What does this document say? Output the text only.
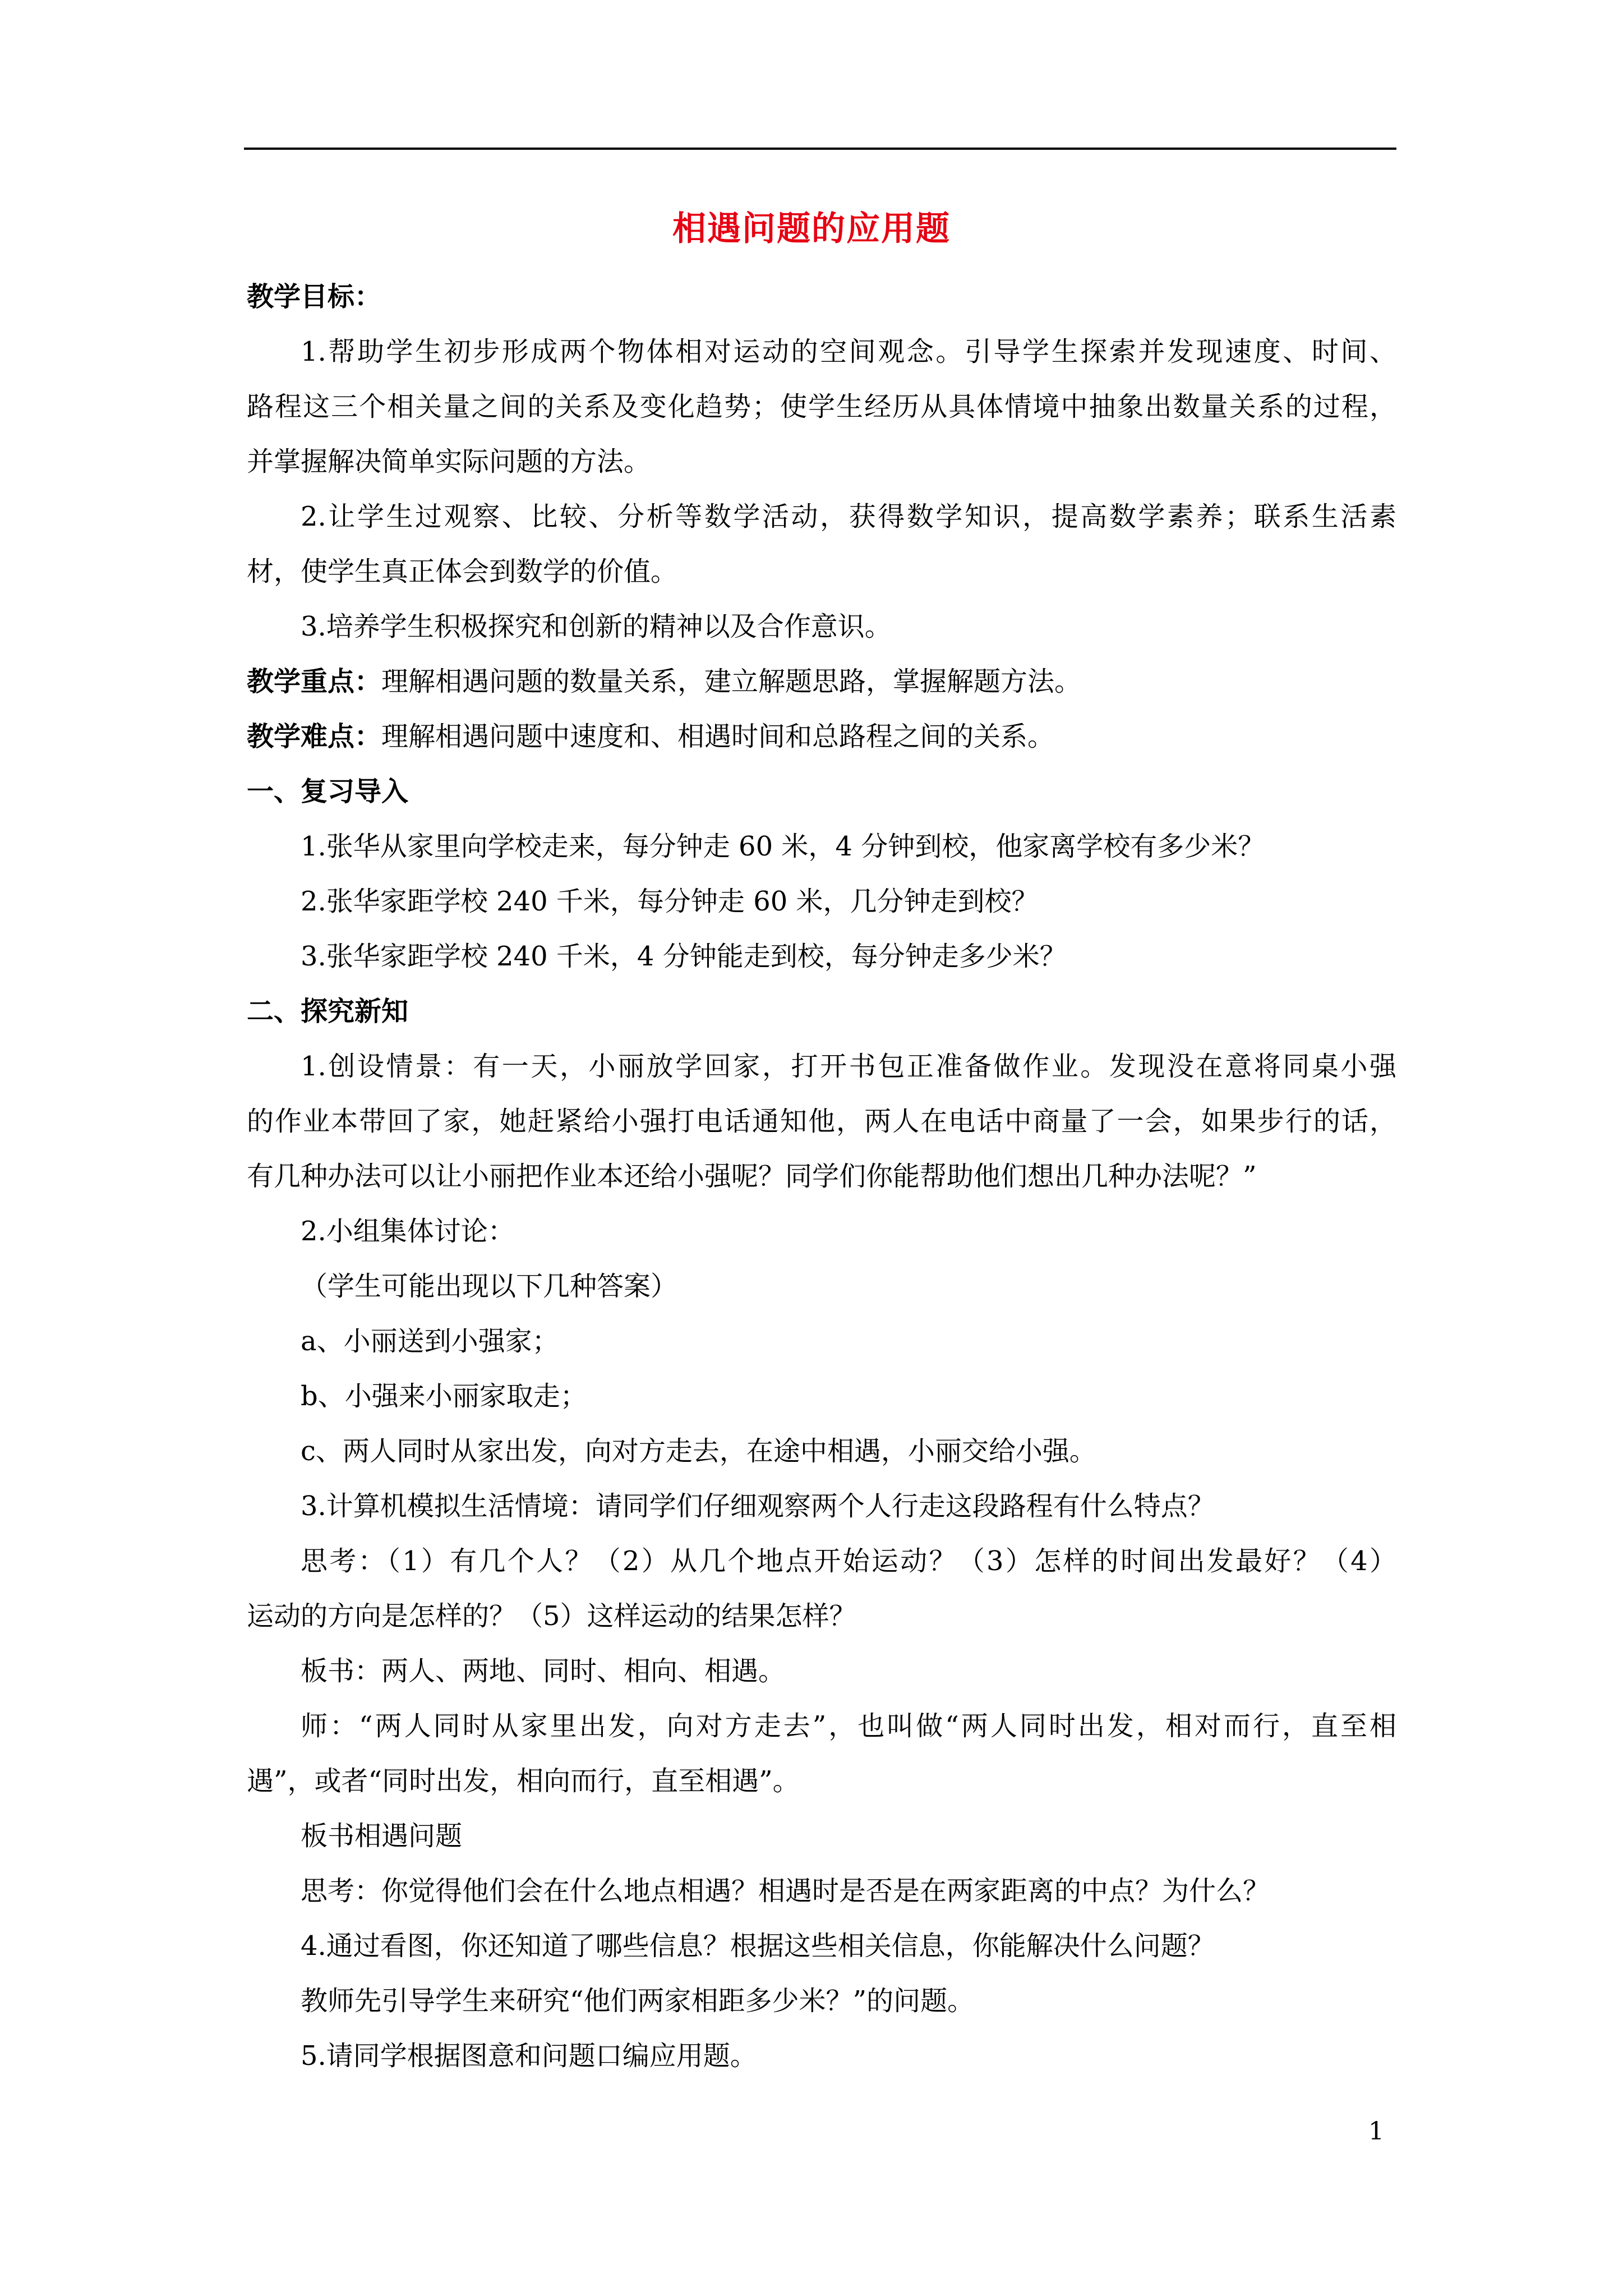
相遇问题的应用题
教学目标：
1.帮助学生初步形成两个物体相对运动的空间观念。引导学生探索并发现速度、时间、
路程这三个相关量之间的关系及变化趋势；使学生经历从具体情境中抽象出数量关系的过程，
并掌握解决简单实际问题的方法。
2.让学生过观察、比较、分析等数学活动，获得数学知识，提高数学素养；联系生活素
材，使学生真正体会到数学的价值。
3.培养学生积极探究和创新的精神以及合作意识。
教学重点：理解相遇问题的数量关系，建立解题思路，掌握解题方法。
教学难点：理解相遇问题中速度和、相遇时间和总路程之间的关系。
一、复习导入
1.张华从家里向学校走来，每分钟走 60 米，4 分钟到校，他家离学校有多少米？
2.张华家距学校 240 千米，每分钟走 60 米，几分钟走到校？
3.张华家距学校 240 千米，4 分钟能走到校，每分钟走多少米？
二、探究新知
1.创设情景：有一天，小丽放学回家，打开书包正准备做作业。发现没在意将同桌小强
的作业本带回了家，她赶紧给小强打电话通知他，两人在电话中商量了一会，如果步行的话，
有几种办法可以让小丽把作业本还给小强呢？同学们你能帮助他们想出几种办法呢？”
2.小组集体讨论：
（学生可能出现以下几种答案）
a、小丽送到小强家；
b、小强来小丽家取走；
c、两人同时从家出发，向对方走去，在途中相遇，小丽交给小强。
3.计算机模拟生活情境：请同学们仔细观察两个人行走这段路程有什么特点？
思考：（1）有几个人？（2）从几个地点开始运动？（3）怎样的时间出发最好？（4）
运动的方向是怎样的？（5）这样运动的结果怎样？
板书：两人、两地、同时、相向、相遇。
师：“两人同时从家里出发，向对方走去”，也叫做“两人同时出发，相对而行，直至相
遇”，或者“同时出发，相向而行，直至相遇”。
板书相遇问题
思考：你觉得他们会在什么地点相遇？相遇时是否是在两家距离的中点？为什么？
4.通过看图，你还知道了哪些信息？根据这些相关信息，你能解决什么问题？
教师先引导学生来研究“他们两家相距多少米？”的问题。
5.请同学根据图意和问题口编应用题。
1
